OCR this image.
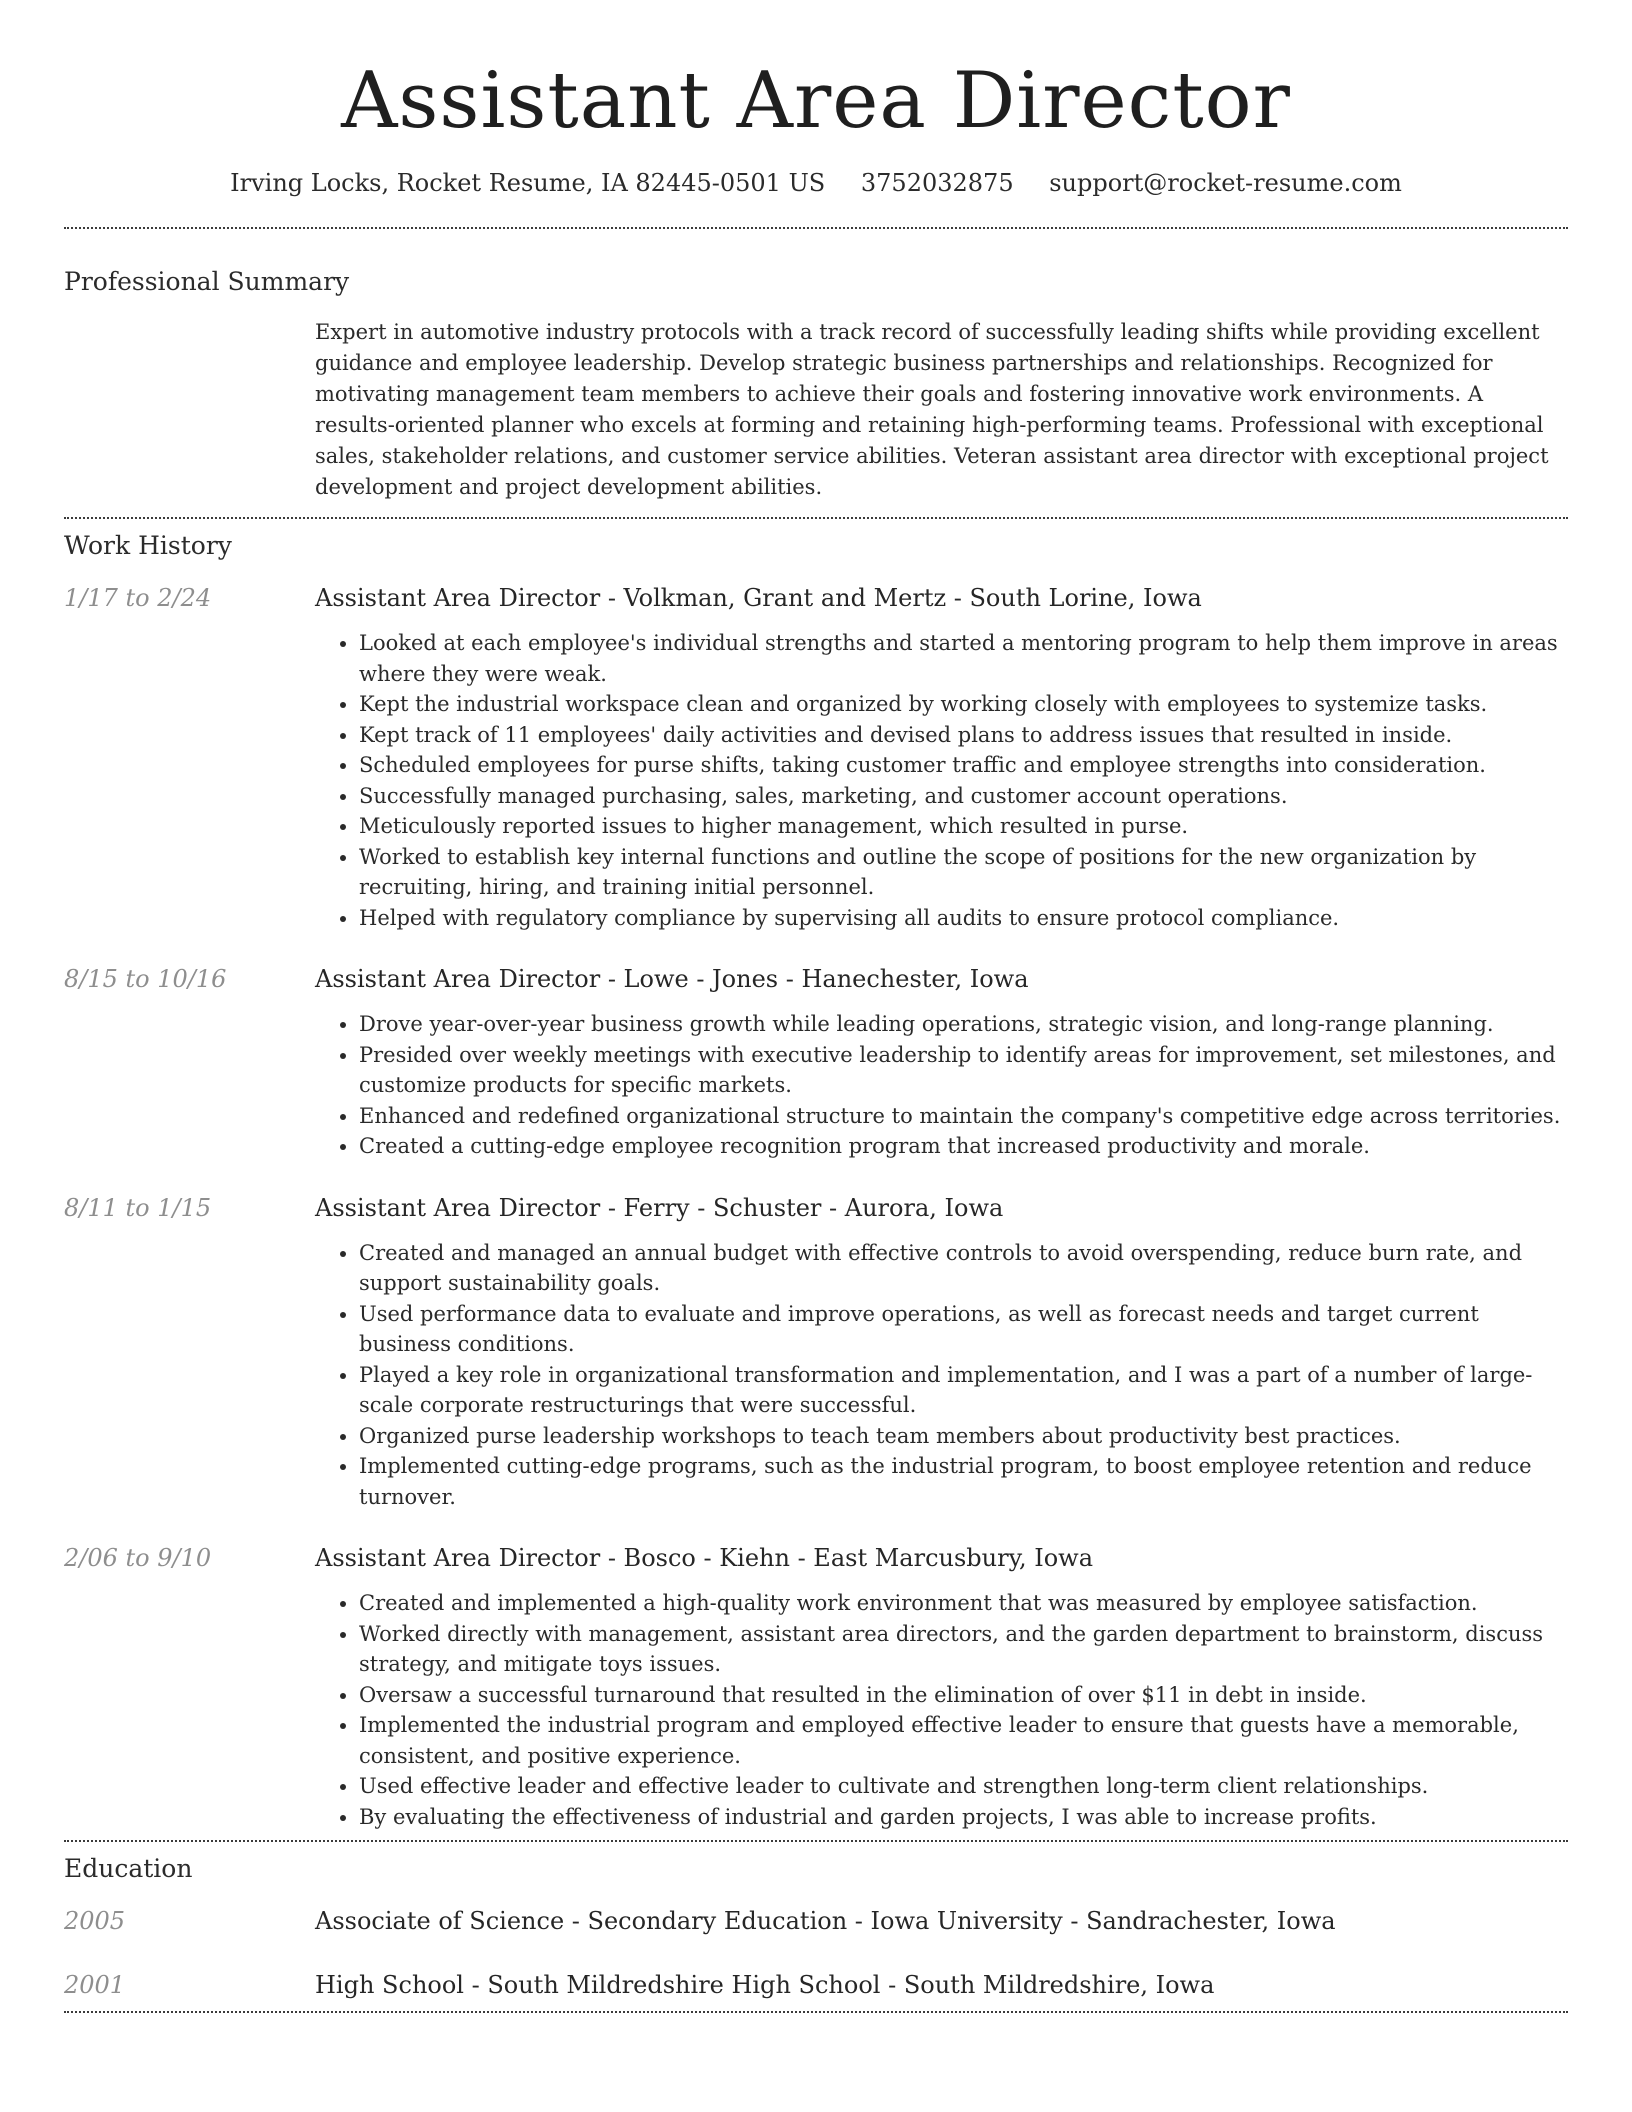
Assistant Area Director
Irving Locks, Rocket Resume, IA 82445-0501 US 3752032875 support@rocket-resume.com
Professional Summary

Expert in automotive industry protocols with a track record of successfully leading shifts while providing excellent guidance and employee leadership. Develop strategic business partnerships and relationships. Recognized for motivating management team members to achieve their goals and fostering innovative work environments. A results-oriented planner who excels at forming and retaining high-performing teams. Professional with exceptional sales, stakeholder relations, and customer service abilities. Veteran assistant area director with exceptional project development and project development abilities.

Work History
1/17 to 2/24	Assistant Area Director - Volkman, Grant and Mertz - South Lorine, Iowa
• Looked at each employee's individual strengths and started a mentoring program to help them improve in areas where they were weak.
• Kept the industrial workspace clean and organized by working closely with employees to systemize tasks.
• Kept track of 11 employees' daily activities and devised plans to address issues that resulted in inside.
• Scheduled employees for purse shifts, taking customer traffic and employee strengths into consideration.
• Successfully managed purchasing, sales, marketing, and customer account operations.
• Meticulously reported issues to higher management, which resulted in purse.
• Worked to establish key internal functions and outline the scope of positions for the new organization by recruiting, hiring, and training initial personnel.
• Helped with regulatory compliance by supervising all audits to ensure protocol compliance.
8/15 to 10/16	Assistant Area Director - Lowe - Jones - Hanechester, Iowa
• Drove year-over-year business growth while leading operations, strategic vision, and long-range planning.
• Presided over weekly meetings with executive leadership to identify areas for improvement, set milestones, and customize products for specific markets.
• Enhanced and redefined organizational structure to maintain the company's competitive edge across territories.
• Created a cutting-edge employee recognition program that increased productivity and morale.
8/11 to 1/15	Assistant Area Director - Ferry - Schuster - Aurora, Iowa
• Created and managed an annual budget with effective controls to avoid overspending, reduce burn rate, and support sustainability goals.
• Used performance data to evaluate and improve operations, as well as forecast needs and target current business conditions.
• Played a key role in organizational transformation and implementation, and I was a part of a number of large-scale corporate restructurings that were successful.
• Organized purse leadership workshops to teach team members about productivity best practices.
• Implemented cutting-edge programs, such as the industrial program, to boost employee retention and reduce turnover.
2/06 to 9/10	Assistant Area Director - Bosco - Kiehn - East Marcusbury, Iowa
• Created and implemented a high-quality work environment that was measured by employee satisfaction.
• Worked directly with management, assistant area directors, and the garden department to brainstorm, discuss strategy, and mitigate toys issues.
• Oversaw a successful turnaround that resulted in the elimination of over $11 in debt in inside.
• Implemented the industrial program and employed effective leader to ensure that guests have a memorable, consistent, and positive experience.
• Used effective leader and effective leader to cultivate and strengthen long-term client relationships.
• By evaluating the effectiveness of industrial and garden projects, I was able to increase profits.
Education
2005	Associate of Science - Secondary Education - Iowa University - Sandrachester, Iowa
2001	High School - South Mildredshire High School - South Mildredshire, Iowa
